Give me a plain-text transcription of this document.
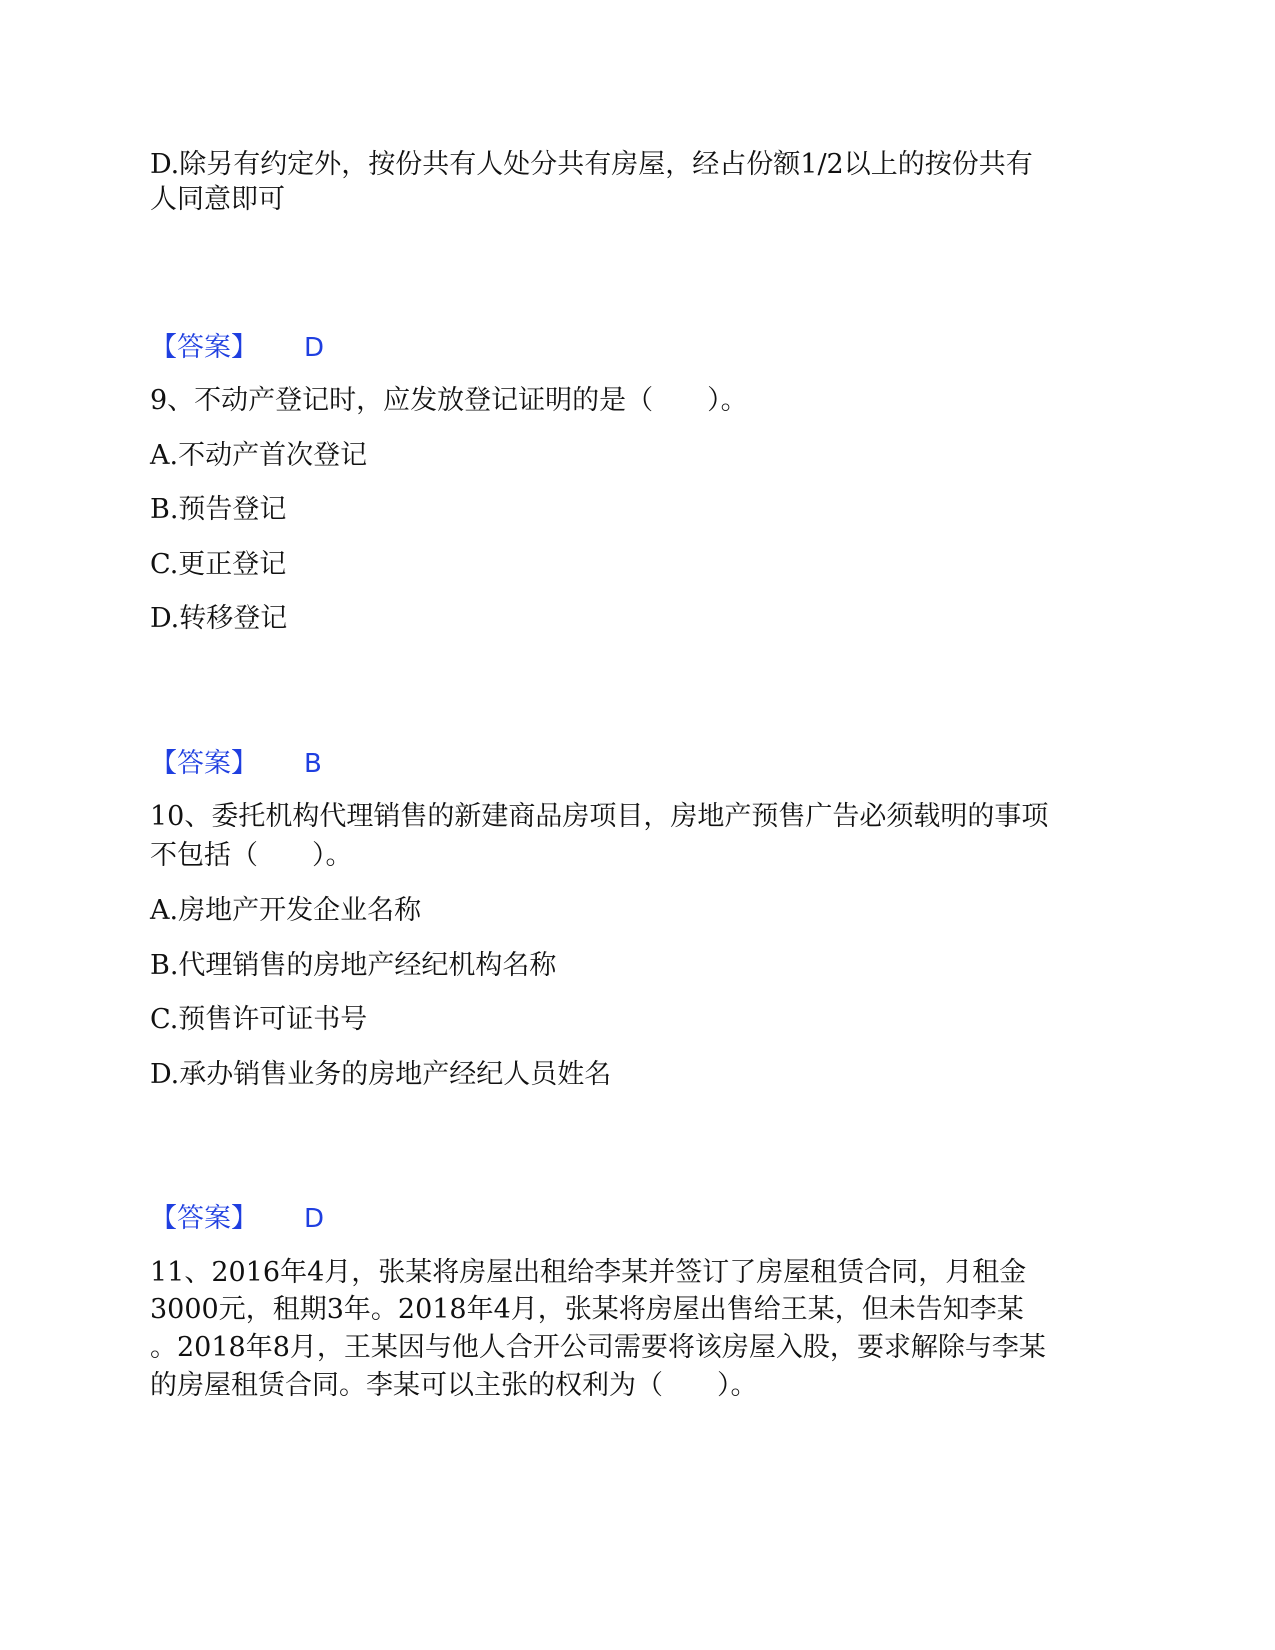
D.除另有约定外，按份共有人处分共有房屋，经占份额1/2以上的按份共有
人同意即可
【答案】 D
9、不动产登记时，应发放登记证明的是（　　）。
A.不动产首次登记
B.预告登记
C.更正登记
D.转移登记
【答案】 B
10、委托机构代理销售的新建商品房项目，房地产预售广告必须载明的事项
不包括（　　）。
A.房地产开发企业名称
B.代理销售的房地产经纪机构名称
C.预售许可证书号
D.承办销售业务的房地产经纪人员姓名
【答案】 D
11、2016年4月，张某将房屋出租给李某并签订了房屋租赁合同，月租金
3000元，租期3年。2018年4月，张某将房屋出售给王某，但未告知李某
。2018年8月，王某因与他人合开公司需要将该房屋入股，要求解除与李某
的房屋租赁合同。李某可以主张的权利为（　　）。
